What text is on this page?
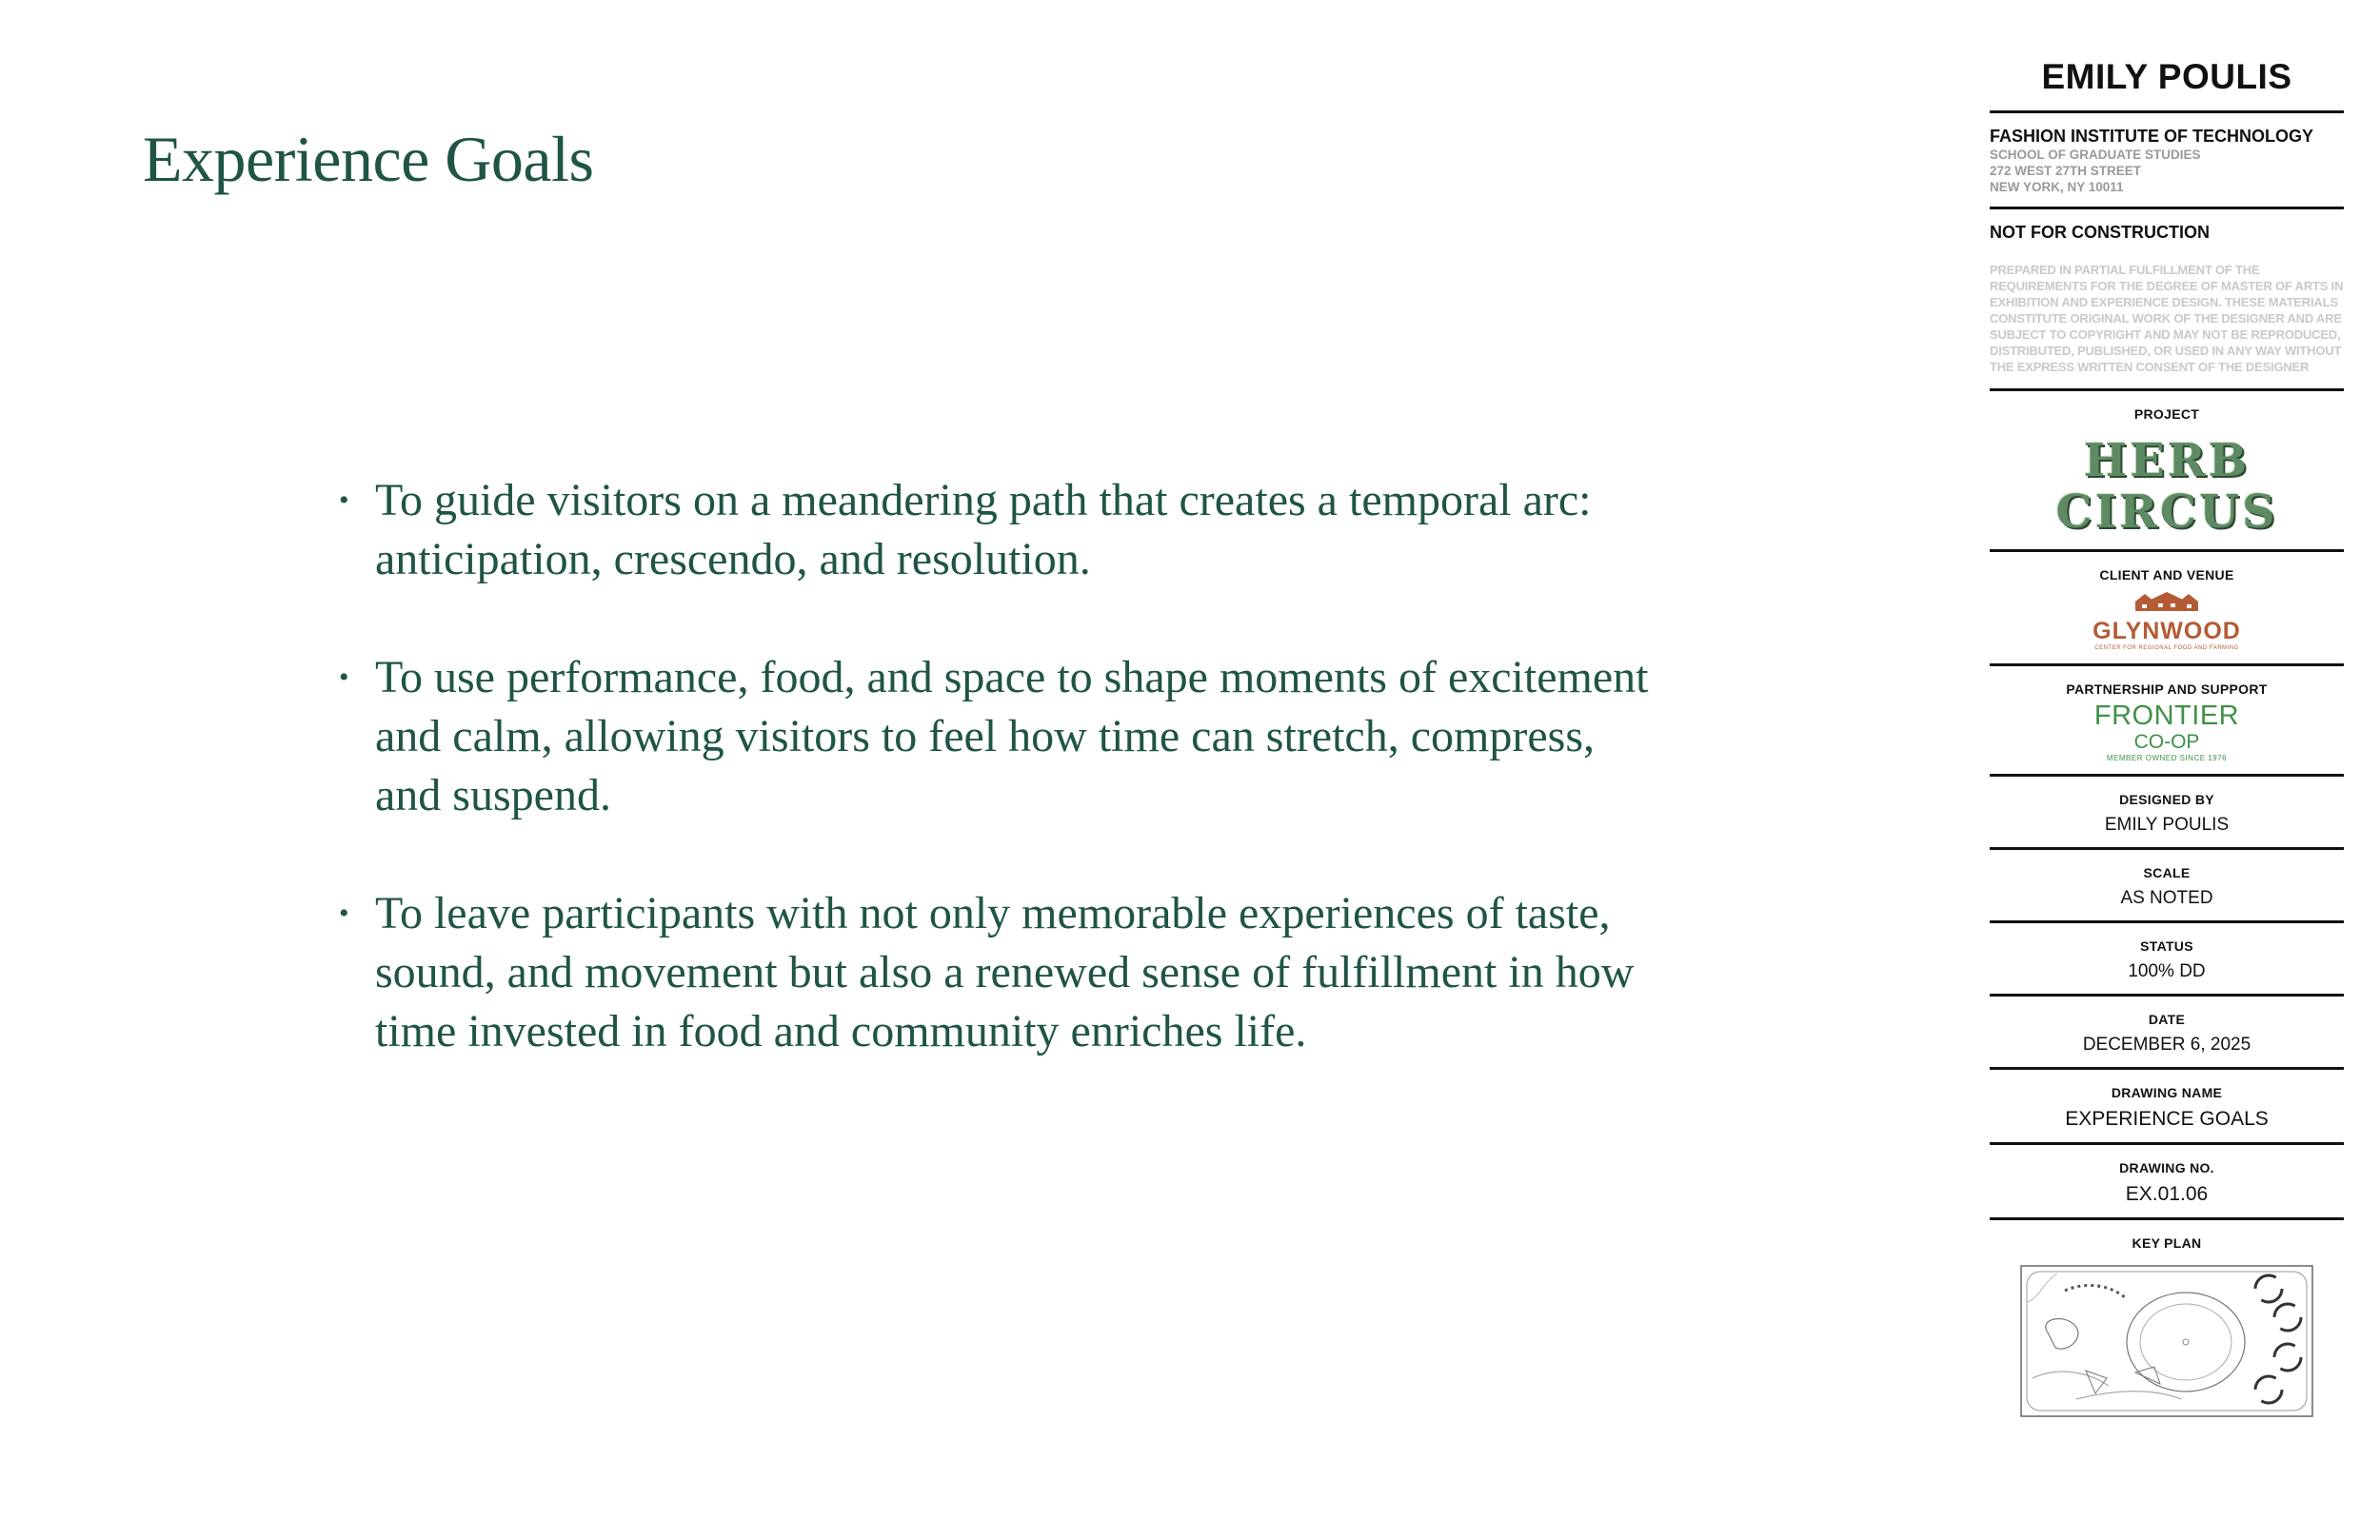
Experience Goals
• To guide visitors on a meandering path that creates a temporal arc: anticipation, crescendo, and resolution.
• To use performance, food, and space to shape moments of excitement and calm, allowing visitors to feel how time can stretch, compress, and suspend.
• To leave participants with not only memorable experiences of taste, sound, and movement but also a renewed sense of fulfillment in how time invested in food and community enriches life.
EMILY POULIS
FASHION INSTITUTE OF TECHNOLOGY
SCHOOL OF GRADUATE STUDIES
272 WEST 27TH STREET
NEW YORK, NY 10011
NOT FOR CONSTRUCTION
PREPARED IN PARTIAL FULFILLMENT OF THE REQUIREMENTS FOR THE DEGREE OF MASTER OF ARTS IN EXHIBITION AND EXPERIENCE DESIGN. THESE MATERIALS CONSTITUTE ORIGINAL WORK OF THE DESIGNER AND ARE SUBJECT TO COPYRIGHT AND MAY NOT BE REPRODUCED, DISTRIBUTED, PUBLISHED, OR USED IN ANY WAY WITHOUT THE EXPRESS WRITTEN CONSENT OF THE DESIGNER
PROJECT
HERB
CIRCUS
CLIENT AND VENUE
GLYNWOOD
CENTER FOR REGIONAL FOOD AND FARMING
PARTNERSHIP AND SUPPORT
FRONTIER
CO-OP
MEMBER OWNED SINCE 1976
DESIGNED BY
EMILY POULIS
SCALE
AS NOTED
STATUS
100% DD
DATE
DECEMBER 6, 2025
DRAWING NAME
EXPERIENCE GOALS
DRAWING NO.
EX.01.06
KEY PLAN
